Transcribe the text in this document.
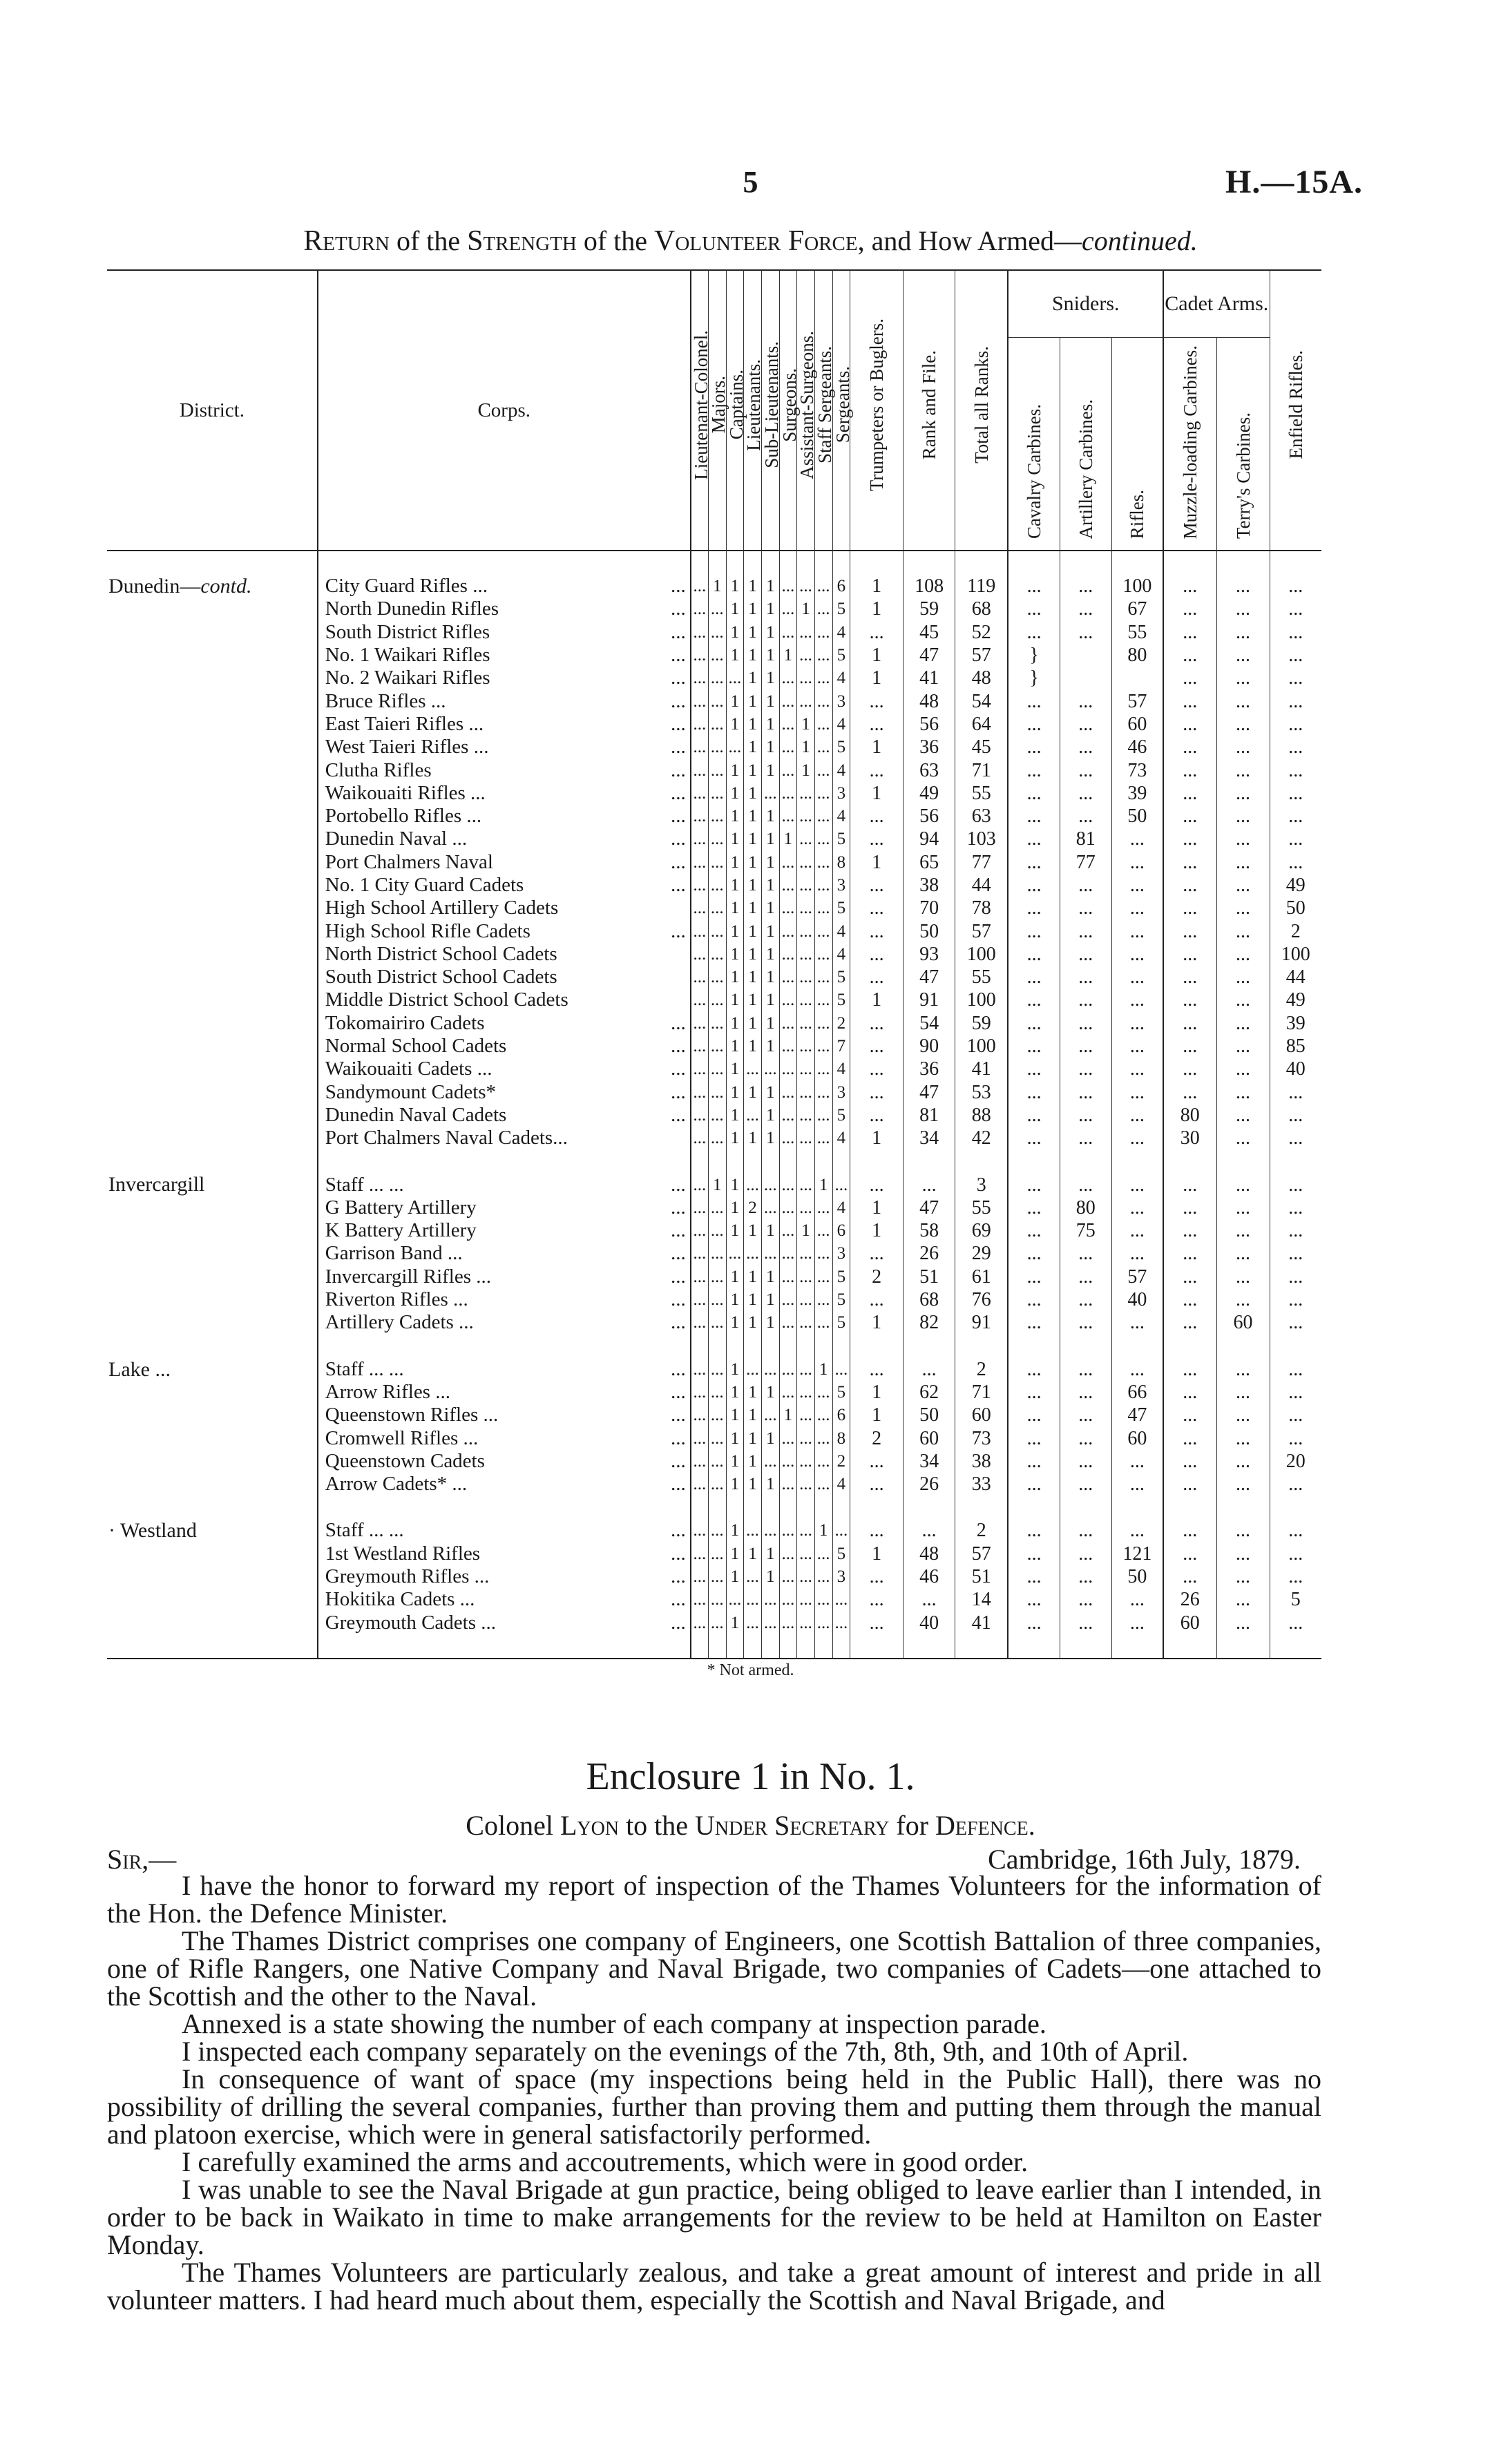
5	H.—15A.
Return of the Strength of the Volunteer Force, and How Armed—continued.
District.	Corps.	Lieutenant-Colonel.	Majors.	Captains.	Lieutenants.	Sub-Lieutenants.	Surgeons.	Assistant-Surgeons.	Staff Sergeants.	Sergeants.	Trumpeters or Buglers.	Rank and File.	Total all Ranks.	Sniders.			Cadet Arms.		Enfield Rifles.
														Cavalry Carbines.	Artillery Carbines.	Rifles.	Muzzle-loading Carbines.	Terry's Carbines.	

Dunedin—contd.	City Guard Rifles ... ...	...	1	1	1	1	...	...	...	6	1	108	119	...	...	100	...	...	...
	North Dunedin Rifles ...	...	...	1	1	1	...	1	...	5	1	59	68	...	...	67	...	...	...
	South District Rifles ...	...	...	1	1	1	...	...	...	4	...	45	52	...	...	55	...	...	...
	No. 1 Waikari Rifles ...	...	...	1	1	1	1	...	...	5	1	47	57	}		80	...	...	...
	No. 2 Waikari Rifles ...	...	...	...	1	1	...	...	...	4	1	41	48	}			...	...	...
	Bruce Rifles ... ...	...	...	1	1	1	...	...	...	3	...	48	54	...	...	57	...	...	...
	East Taieri Rifles ... ...	...	...	1	1	1	...	1	...	4	...	56	64	...	...	60	...	...	...
	West Taieri Rifles ... ...	...	...	...	1	1	...	1	...	5	1	36	45	...	...	46	...	...	...
	Clutha Rifles ...	...	...	1	1	1	...	1	...	4	...	63	71	...	...	73	...	...	...
	Waikouaiti Rifles ... ...	...	...	1	1	...	...	...	...	3	1	49	55	...	...	39	...	...	...
	Portobello Rifles ... ...	...	...	1	1	1	...	...	...	4	...	56	63	...	...	50	...	...	...
	Dunedin Naval ... ...	...	...	1	1	1	1	...	...	5	...	94	103	...	81	...	...	...	...
	Port Chalmers Naval ...	...	...	1	1	1	...	...	...	8	1	65	77	...	77	...	...	...	...
	No. 1 City Guard Cadets ...	...	...	1	1	1	...	...	...	3	...	38	44	...	...	...	...	...	49
	High School Artillery Cadets	...	...	1	1	1	...	...	...	5	...	70	78	...	...	...	...	...	50
	High School Rifle Cadets ...	...	...	1	1	1	...	...	...	4	...	50	57	...	...	...	...	...	2
	North District School Cadets	...	...	1	1	1	...	...	...	4	...	93	100	...	...	...	...	...	100
	South District School Cadets	...	...	1	1	1	...	...	...	5	...	47	55	...	...	...	...	...	44
	Middle District School Cadets	...	...	1	1	1	...	...	...	5	1	91	100	...	...	...	...	...	49
	Tokomairiro Cadets ...	...	...	1	1	1	...	...	...	2	...	54	59	...	...	...	...	...	39
	Normal School Cadets ...	...	...	1	1	1	...	...	...	7	...	90	100	...	...	...	...	...	85
	Waikouaiti Cadets ... ...	...	...	1	...	...	...	...	...	4	...	36	41	...	...	...	...	...	40
	Sandymount Cadets* ...	...	...	1	1	1	...	...	...	3	...	47	53	...	...	...	...	...	...
	Dunedin Naval Cadets ...	...	...	1	...	1	...	...	...	5	...	81	88	...	...	...	80	...	...
	Port Chalmers Naval Cadets...	...	...	1	1	1	...	...	...	4	1	34	42	...	...	...	30	...	...

Invercargill	Staff ... ... ...	...	1	1	...	...	...	...	1	...	...	...	3	...	...	...	...	...	...
	G Battery Artillery ...	...	...	1	2	...	...	...	...	4	1	47	55	...	80	...	...	...	...
	K Battery Artillery ...	...	...	1	1	1	...	1	...	6	1	58	69	...	75	...	...	...	...
	Garrison Band ... ...	...	...	...	...	...	...	...	...	3	...	26	29	...	...	...	...	...	...
	Invercargill Rifles ... ...	...	...	1	1	1	...	...	...	5	2	51	61	...	...	57	...	...	...
	Riverton Rifles ... ...	...	...	1	1	1	...	...	...	5	...	68	76	...	...	40	...	...	...
	Artillery Cadets ... ...	...	...	1	1	1	...	...	...	5	1	82	91	...	...	...	...	60	...

Lake ...	Staff ... ... ...	...	...	1	...	...	...	...	1	...	...	...	2	...	...	...	...	...	...
	Arrow Rifles ... ...	...	...	1	1	1	...	...	...	5	1	62	71	...	...	66	...	...	...
	Queenstown Rifles ... ...	...	...	1	1	...	1	...	...	6	1	50	60	...	...	47	...	...	...
	Cromwell Rifles ... ...	...	...	1	1	1	...	...	...	8	2	60	73	...	...	60	...	...	...
	Queenstown Cadets ...	...	...	1	1	...	...	...	...	2	...	34	38	...	...	...	...	...	20
	Arrow Cadets* ... ...	...	...	1	1	1	...	...	...	4	...	26	33	...	...	...	...	...	...

· Westland	Staff ... ... ...	...	...	1	...	...	...	...	1	...	...	...	2	...	...	...	...	...	...
	1st Westland Rifles ...	...	...	1	1	1	...	...	...	5	1	48	57	...	...	121	...	...	...
	Greymouth Rifles ... ...	...	...	1	...	1	...	...	...	3	...	46	51	...	...	50	...	...	...
	Hokitika Cadets ... ...	...	...	...	...	...	...	...	...	...	...	...	14	...	...	...	26	...	5
	Greymouth Cadets ... ...	...	...	1	...	...	...	...	...	...	...	40	41	...	...	...	60	...	...

* Not armed.
Enclosure 1 in No. 1.
Colonel Lyon to the Under Secretary for Defence.
Sir,—	Cambridge, 16th July, 1879.

I have the honor to forward my report of inspection of the Thames Volunteers for the information of the Hon. the Defence Minister.

The Thames District comprises one company of Engineers, one Scottish Battalion of three companies, one of Rifle Rangers, one Native Company and Naval Brigade, two companies of Cadets—one attached to the Scottish and the other to the Naval.

Annexed is a state showing the number of each company at inspection parade.

I inspected each company separately on the evenings of the 7th, 8th, 9th, and 10th of April.

In consequence of want of space (my inspections being held in the Public Hall), there was no possibility of drilling the several companies, further than proving them and putting them through the manual and platoon exercise, which were in general satisfactorily performed.

I carefully examined the arms and accoutrements, which were in good order.

I was unable to see the Naval Brigade at gun practice, being obliged to leave earlier than I intended, in order to be back in Waikato in time to make arrangements for the review to be held at Hamilton on Easter Monday.

The Thames Volunteers are particularly zealous, and take a great amount of interest and pride in all volunteer matters. I had heard much about them, especially the Scottish and Naval Brigade, and
